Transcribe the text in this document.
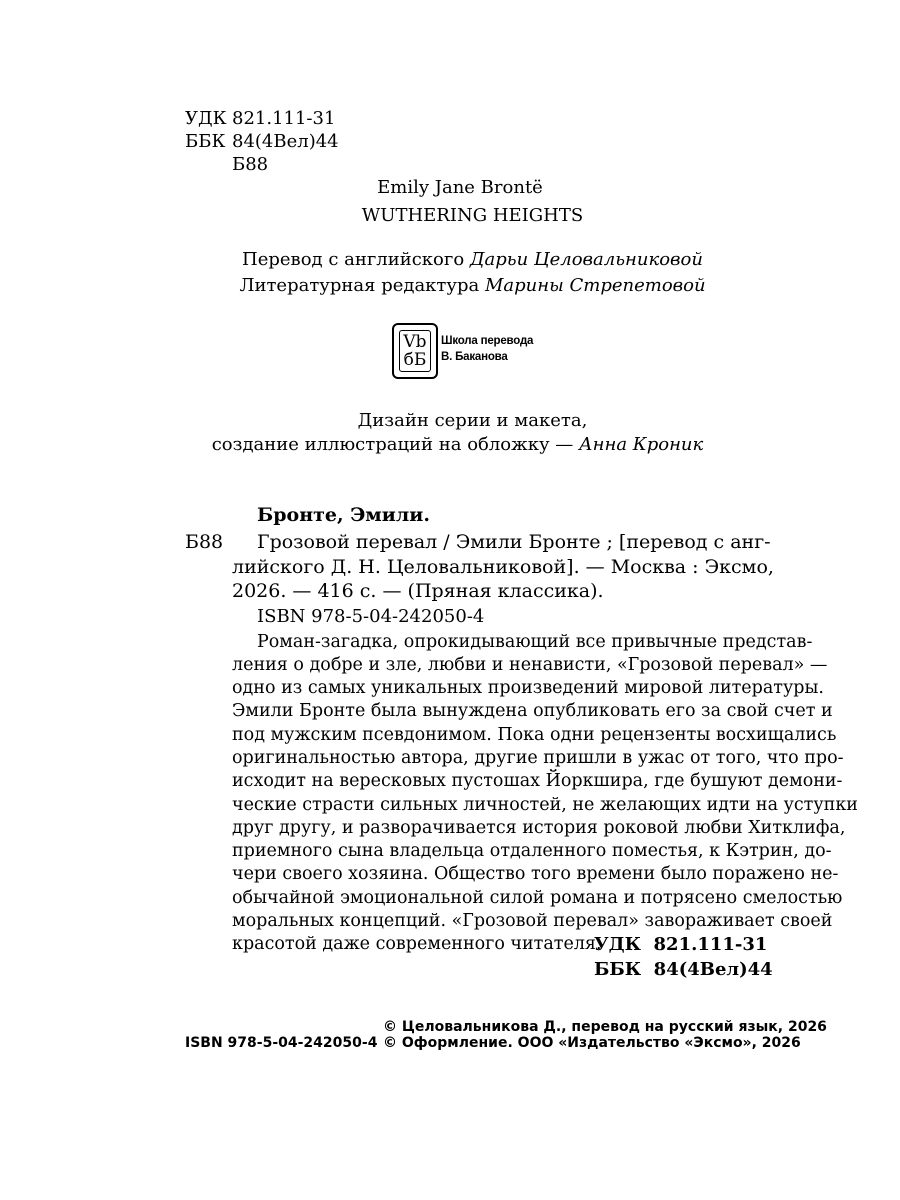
УДК 821.111-31
ББК 84(4Вел)44
Б88
Emily Jane Brontë
WUTHERING HEIGHTS
Перевод с английского Дарьи Целовальниковой
Литературная редактура Марины Стрепетовой
Vb
бБ
Школа перевода
В. Баканова
Дизайн серии и макета,
создание иллюстраций на обложку — Анна Кроник
Бронте, Эмили.
Б88 Грозовой перевал / Эмили Бронте ; [перевод с анг-
лийского Д. Н. Целовальниковой]. — Москва : Эксмо,
2026. — 416 с. — (Пряная классика).
ISBN 978-5-04-242050-4
Роман-загадка, опрокидывающий все привычные представ-
ления о добре и зле, любви и ненависти, «Грозовой перевал» —
одно из самых уникальных произведений мировой литературы.
Эмили Бронте была вынуждена опубликовать его за свой счет и
под мужским псевдонимом. Пока одни рецензенты восхищались
оригинальностью автора, другие пришли в ужас от того, что про-
исходит на вересковых пустошах Йоркшира, где бушуют демони-
ческие страсти сильных личностей, не желающих идти на уступки
друг другу, и разворачивается история роковой любви Хитклифа,
приемного сына владельца отдаленного поместья, к Кэтрин, до-
чери своего хозяина. Общество того времени было поражено не-
обычайной эмоциональной силой романа и потрясено смелостью
моральных концепций. «Грозовой перевал» завораживает своей
красотой даже современного читателя.
УДК  821.111-31
ББК  84(4Вел)44
ISBN 978-5-04-242050-4
© Целовальникова Д., перевод на русский язык, 2026
© Оформление. ООО «Издательство «Эксмо», 2026
